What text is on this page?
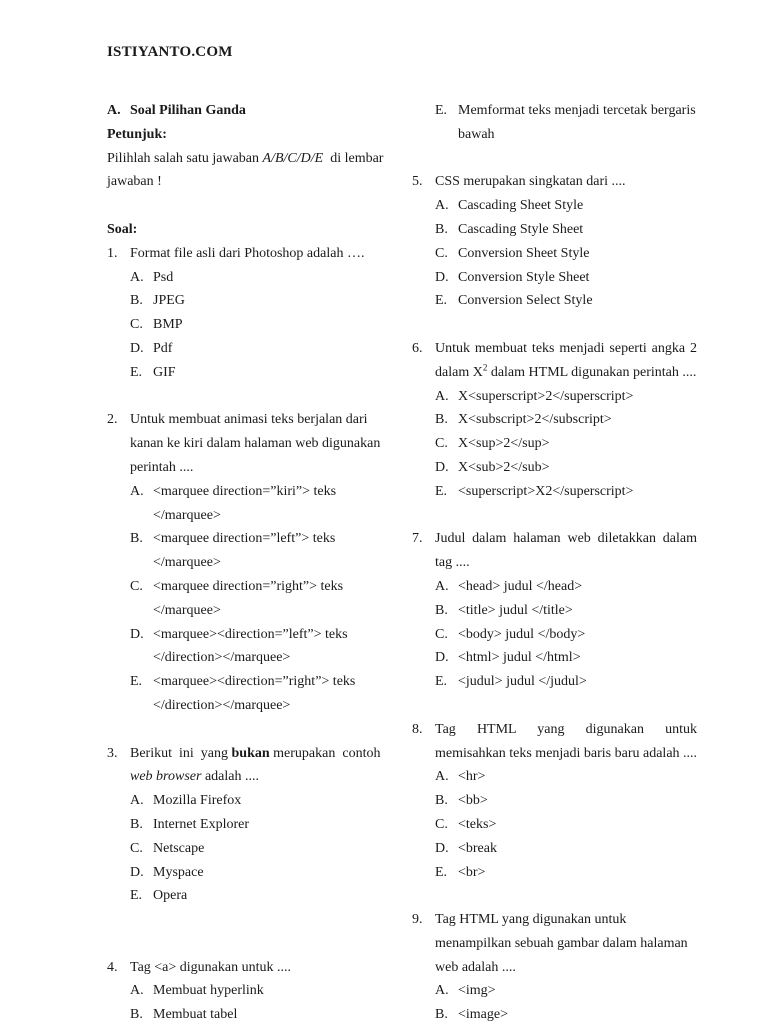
ISTIYANTO.COM
A. Soal Pilihan Ganda
Petunjuk:
Pilihlah salah satu jawaban A/B/C/D/E  di lembar
jawaban !
Soal:
1. Format file asli dari Photoshop adalah ….
A. Psd
B. JPEG
C. BMP
D. Pdf
E. GIF
2. Untuk membuat animasi teks berjalan dari
kanan ke kiri dalam halaman web digunakan
perintah ....
A. <marquee direction=”kiri”> teks
</marquee>
B. <marquee direction=”left”> teks
</marquee>
C. <marquee direction=”right”> teks
</marquee>
D. <marquee><direction=”left”> teks
</direction></marquee>
E. <marquee><direction=”right”> teks
</direction></marquee>
3. Berikut  ini  yang bukan merupakan  contoh
web browser adalah ....
A. Mozilla Firefox
B. Internet Explorer
C. Netscape
D. Myspace
E. Opera
4. Tag <a> digunakan untuk ....
A. Membuat hyperlink
B. Membuat tabel
E. Memformat teks menjadi tercetak bergaris
bawah
5. CSS merupakan singkatan dari ....
A. Cascading Sheet Style
B. Cascading Style Sheet
C. Conversion Sheet Style
D. Conversion Style Sheet
E. Conversion Select Style
6. Untuk membuat teks menjadi seperti angka 2
dalam $X^2$ dalam HTML digunakan perintah ....
A. X<superscript>2</superscript>
B. X<subscript>2</subscript>
C. X<sup>2</sup>
D. X<sub>2</sub>
E. <superscript>X2</superscript>
7. Judul dalam halaman web diletakkan dalam
tag ....
A. <head> judul </head>
B. <title> judul </title>
C. <body> judul </body>
D. <html> judul </html>
E. <judul> judul </judul>
8. Tag HTML yang digunakan untuk
memisahkan teks menjadi baris baru adalah ....
A. <hr>
B. <bb>
C. <teks>
D. <break
E. <br>
9. Tag HTML yang digunakan untuk
menampilkan sebuah gambar dalam halaman
web adalah ....
A. <img>
B. <image>
